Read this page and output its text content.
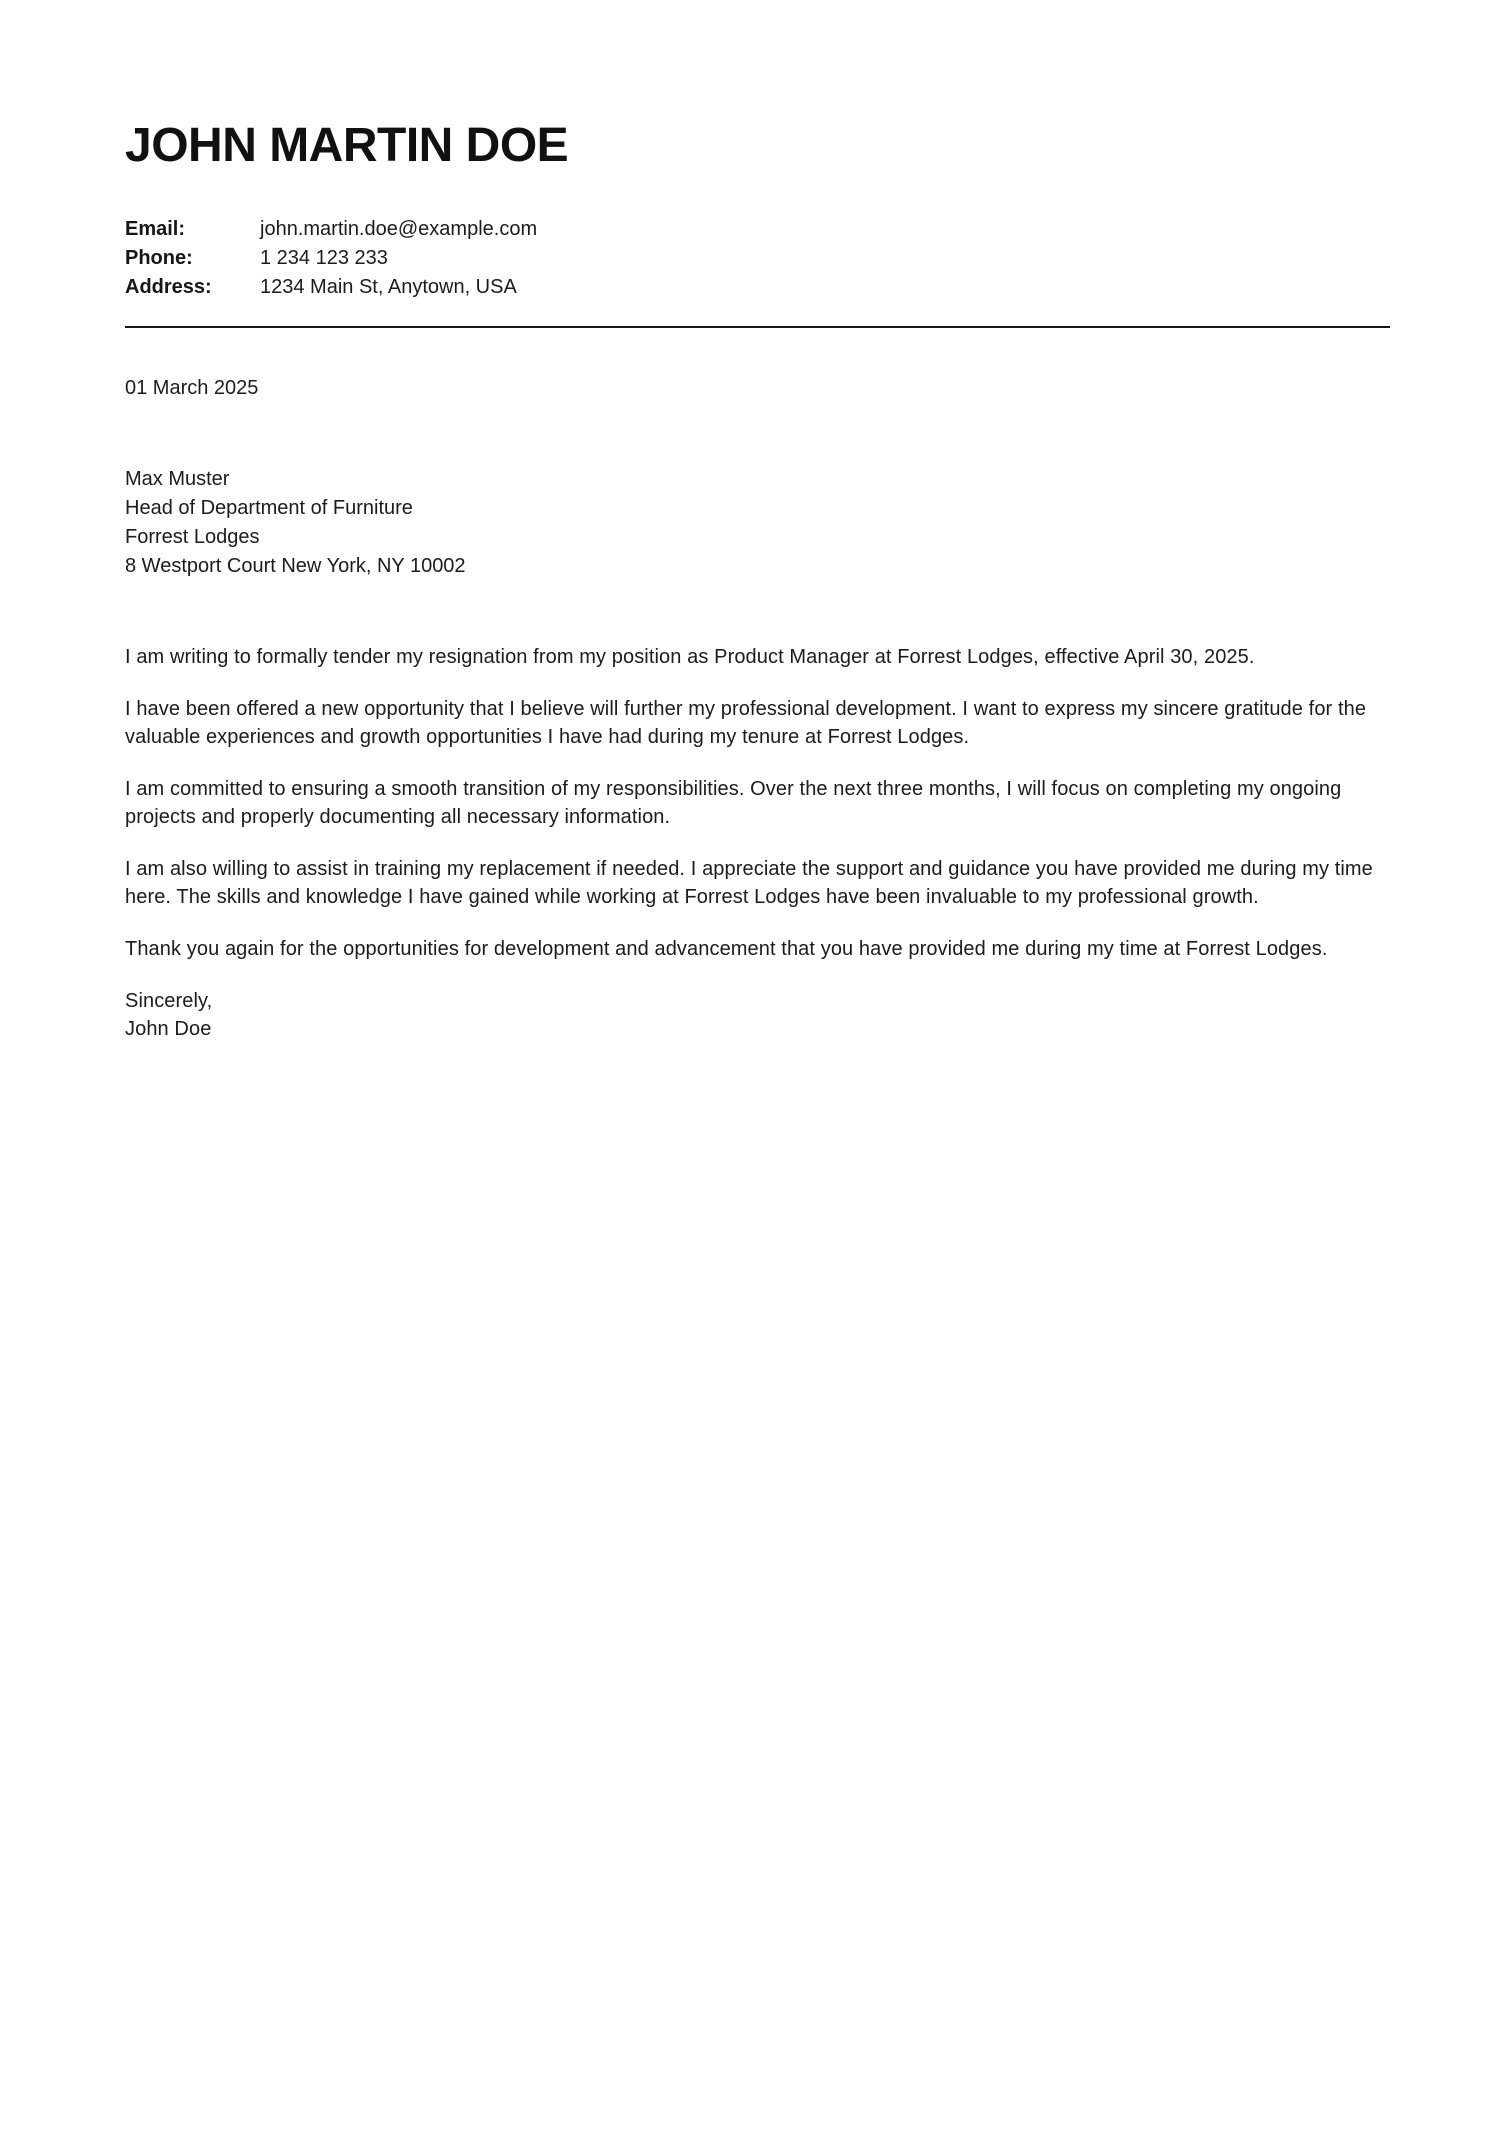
JOHN MARTIN DOE
Email:	john.martin.doe@example.com
Phone:	1 234 123 233
Address:	1234 Main St, Anytown, USA
01 March 2025
Max Muster
Head of Department of Furniture
Forrest Lodges
8 Westport Court New York, NY 10002

I am writing to formally tender my resignation from my position as Product Manager at Forrest Lodges, effective April 30, 2025.

I have been offered a new opportunity that I believe will further my professional development. I want to express my sincere gratitude for the valuable experiences and growth opportunities I have had during my tenure at Forrest Lodges.

I am committed to ensuring a smooth transition of my responsibilities. Over the next three months, I will focus on completing my ongoing projects and properly documenting all necessary information.

I am also willing to assist in training my replacement if needed. I appreciate the support and guidance you have provided me during my time here. The skills and knowledge I have gained while working at Forrest Lodges have been invaluable to my professional growth.

Thank you again for the opportunities for development and advancement that you have provided me during my time at Forrest Lodges.

Sincerely,
John Doe
